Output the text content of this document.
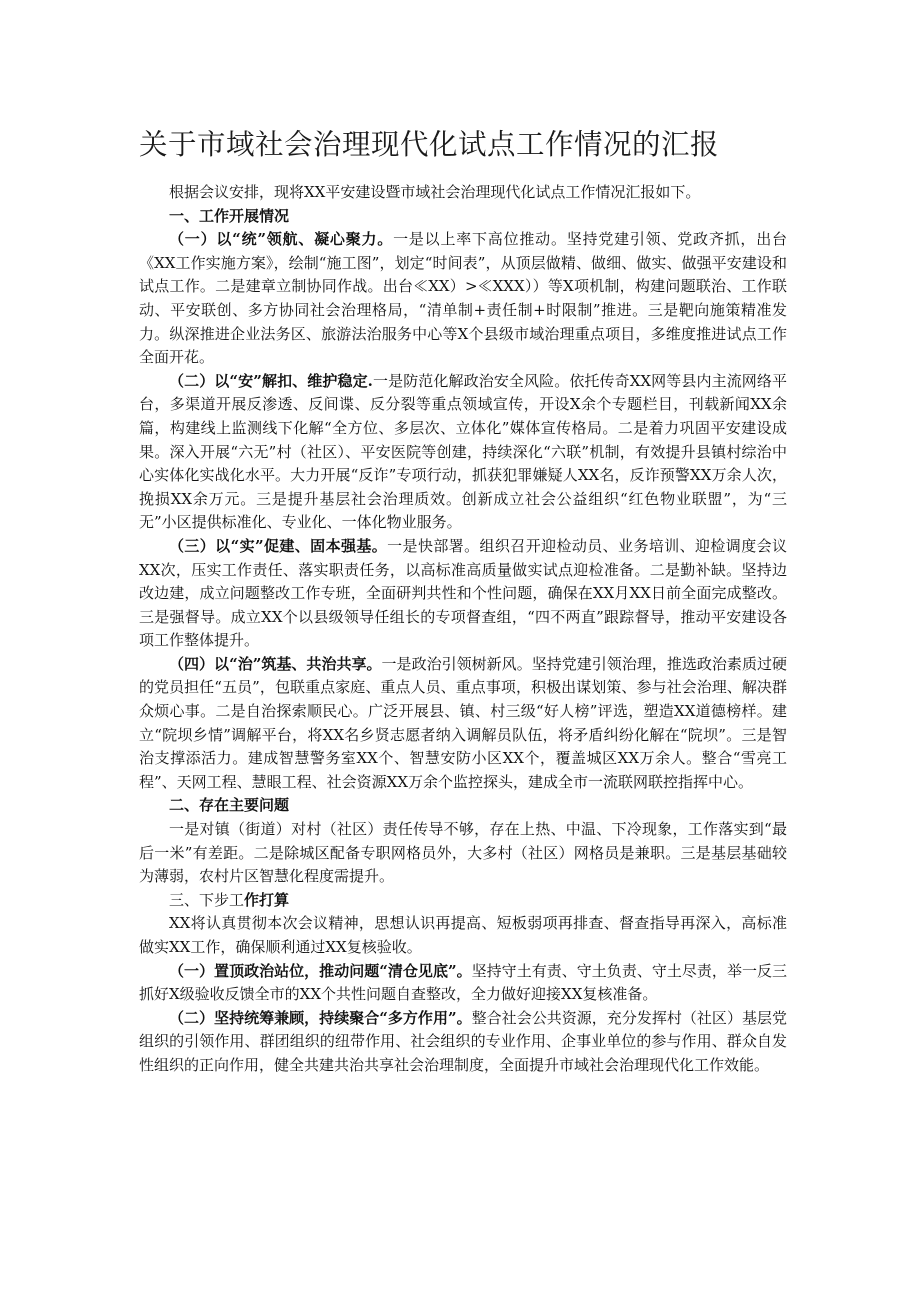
关于市域社会治理现代化试点工作情况的汇报

根据会议安排，现将XX平安建设暨市域社会治理现代化试点工作情况汇报如下。

一、工作开展情况

（一）以“统”领航、凝心聚力。一是以上率下高位推动。坚持党建引领、党政齐抓，出台《XX工作实施方案》，绘制“施工图”，划定“时间表”，从顶层做精、做细、做实、做强平安建设和试点工作。二是建章立制协同作战。出台≪XX）>≪XXX））等X项机制，构建问题联治、工作联动、平安联创、多方协同社会治理格局，“清单制+责任制+时限制”推进。三是靶向施策精准发力。纵深推进企业法务区、旅游法治服务中心等X个县级市域治理重点项目，多维度推进试点工作全面开花。

（二）以“安”解扣、维护稳定.一是防范化解政治安全风险。依托传奇XX网等县内主流网络平台，多渠道开展反渗透、反间谍、反分裂等重点领域宣传，开设X余个专题栏目，刊载新闻XX余篇，构建线上监测线下化解“全方位、多层次、立体化”媒体宣传格局。二是着力巩固平安建设成果。深入开展“六无”村（社区）、平安医院等创建，持续深化“六联”机制，有效提升县镇村综治中心实体化实战化水平。大力开展“反诈”专项行动，抓获犯罪嫌疑人XX名，反诈预警XX万余人次，挽损XX余万元。三是提升基层社会治理质效。创新成立社会公益组织“红色物业联盟”，为“三无”小区提供标准化、专业化、一体化物业服务。

（三）以“实”促建、固本强基。一是快部署。组织召开迎检动员、业务培训、迎检调度会议XX次，压实工作责任、落实职责任务，以高标准高质量做实试点迎检准备。二是勤补缺。坚持边改边建，成立问题整改工作专班，全面研判共性和个性问题，确保在XX月XX日前全面完成整改。三是强督导。成立XX个以县级领导任组长的专项督查组，“四不两直”跟踪督导，推动平安建设各项工作整体提升。

（四）以“治”筑基、共治共享。一是政治引领树新风。坚持党建引领治理，推选政治素质过硬的党员担任“五员”，包联重点家庭、重点人员、重点事项，积极出谋划策、参与社会治理、解决群众烦心事。二是自治探索顺民心。广泛开展县、镇、村三级“好人榜”评选，塑造XX道德榜样。建立“院坝乡情”调解平台，将XX名乡贤志愿者纳入调解员队伍，将矛盾纠纷化解在“院坝”。三是智治支撑添活力。建成智慧警务室XX个、智慧安防小区XX个，覆盖城区XX万余人。整合“雪亮工程”、天网工程、慧眼工程、社会资源XX万余个监控探头，建成全市一流联网联控指挥中心。

二、存在主要问题

一是对镇（街道）对村（社区）责任传导不够，存在上热、中温、下冷现象，工作落实到“最后一米”有差距。二是除城区配备专职网格员外，大多村（社区）网格员是兼职。三是基层基础较为薄弱，农村片区智慧化程度需提升。

三、下步工作打算

XX将认真贯彻本次会议精神，思想认识再提高、短板弱项再排查、督查指导再深入，高标准做实XX工作，确保顺利通过XX复核验收。

（一）置顶政治站位，推动问题“清仓见底”。坚持守土有责、守土负责、守土尽责，举一反三抓好X级验收反馈全市的XX个共性问题自查整改，全力做好迎接XX复核准备。

（二）坚持统筹兼顾，持续聚合“多方作用”。整合社会公共资源，充分发挥村（社区）基层党组织的引领作用、群团组织的纽带作用、社会组织的专业作用、企事业单位的参与作用、群众自发性组织的正向作用，健全共建共治共享社会治理制度，全面提升市域社会治理现代化工作效能。
